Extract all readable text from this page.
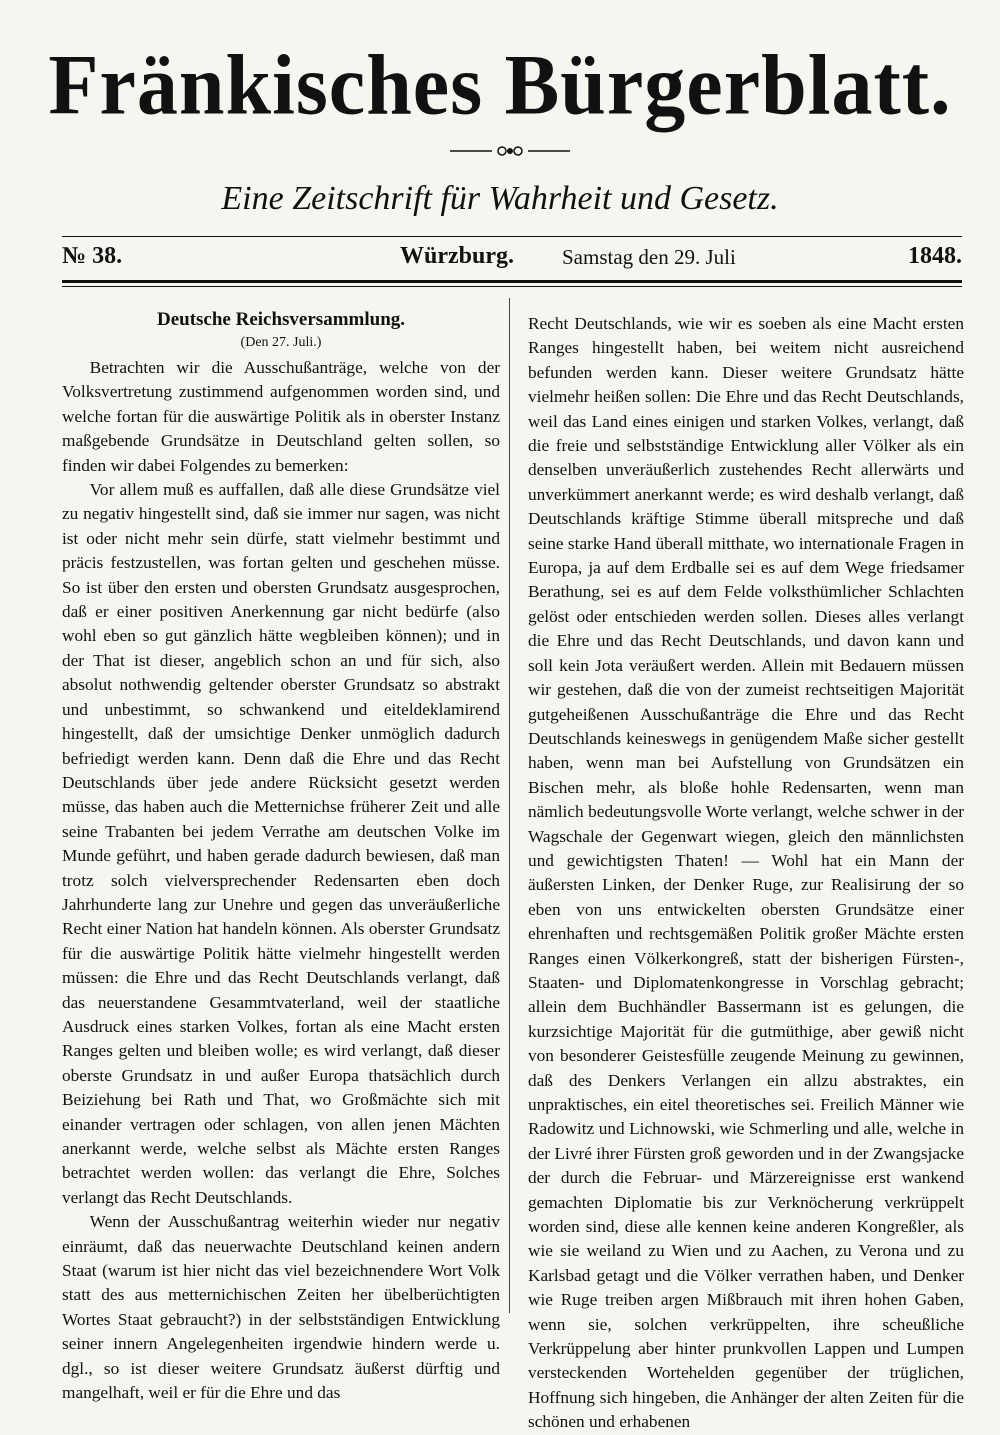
Fränkisches Bürgerblatt.
Eine Zeitschrift für Wahrheit und Gesetz.
№ 38.	Würzburg. Samstag den 29. Juli	1848.
Deutsche Reichsversammlung.
(Den 27. Juli.)

Betrachten wir die Ausschußanträge, welche von der Volksvertretung zustimmend aufgenommen worden sind, und welche fortan für die auswärtige Politik als in oberster Instanz maßgebende Grundsätze in Deutschland gelten sollen, so finden wir dabei Folgendes zu bemerken:

Vor allem muß es auffallen, daß alle diese Grundsätze viel zu negativ hingestellt sind, daß sie immer nur sagen, was nicht ist oder nicht mehr sein dürfe, statt vielmehr bestimmt und präcis festzustellen, was fortan gelten und geschehen müsse. So ist über den ersten und obersten Grundsatz ausgesprochen, daß er einer positiven Anerkennung gar nicht bedürfe (also wohl eben so gut gänzlich hätte wegbleiben können); und in der That ist dieser, angeblich schon an und für sich, also absolut nothwendig geltender oberster Grundsatz so abstrakt und unbestimmt, so schwankend und eiteldeklamirend hingestellt, daß der umsichtige Denker unmöglich dadurch befriedigt werden kann. Denn daß die Ehre und das Recht Deutschlands über jede andere Rücksicht gesetzt werden müsse, das haben auch die Metternichse früherer Zeit und alle seine Trabanten bei jedem Verrathe am deutschen Volke im Munde geführt, und haben gerade dadurch bewiesen, daß man trotz solch vielversprechender Redensarten eben doch Jahrhunderte lang zur Unehre und gegen das unveräußerliche Recht einer Nation hat handeln können. Als oberster Grundsatz für die auswärtige Politik hätte vielmehr hingestellt werden müssen: die Ehre und das Recht Deutschlands verlangt, daß das neuerstandene Gesammtvaterland, weil der staatliche Ausdruck eines starken Volkes, fortan als eine Macht ersten Ranges gelten und bleiben wolle; es wird verlangt, daß dieser oberste Grundsatz in und außer Europa thatsächlich durch Beiziehung bei Rath und That, wo Großmächte sich mit einander vertragen oder schlagen, von allen jenen Mächten anerkannt werde, welche selbst als Mächte ersten Ranges betrachtet werden wollen: das verlangt die Ehre, Solches verlangt das Recht Deutschlands.

Wenn der Ausschußantrag weiterhin wieder nur negativ einräumt, daß das neuerwachte Deutschland keinen andern Staat (warum ist hier nicht das viel bezeichnendere Wort Volk statt des aus metternichischen Zeiten her übelberüchtigten Wortes Staat gebraucht?) in der selbstständigen Entwicklung seiner innern Angelegenheiten irgendwie hindern werde u. dgl., so ist dieser weitere Grundsatz äußerst dürftig und mangelhaft, weil er für die Ehre und das

Recht Deutschlands, wie wir es soeben als eine Macht ersten Ranges hingestellt haben, bei weitem nicht ausreichend befunden werden kann. Dieser weitere Grundsatz hätte vielmehr heißen sollen: Die Ehre und das Recht Deutschlands, weil das Land eines einigen und starken Volkes, verlangt, daß die freie und selbstständige Entwicklung aller Völker als ein denselben unveräußerlich zustehendes Recht allerwärts und unverkümmert anerkannt werde; es wird deshalb verlangt, daß Deutschlands kräftige Stimme überall mitspreche und daß seine starke Hand überall mitthate, wo internationale Fragen in Europa, ja auf dem Erdballe sei es auf dem Wege friedsamer Berathung, sei es auf dem Felde volksthümlicher Schlachten gelöst oder entschieden werden sollen. Dieses alles verlangt die Ehre und das Recht Deutschlands, und davon kann und soll kein Jota veräußert werden. Allein mit Bedauern müssen wir gestehen, daß die von der zumeist rechtseitigen Majorität gutgeheißenen Ausschußanträge die Ehre und das Recht Deutschlands keineswegs in genügendem Maße sicher gestellt haben, wenn man bei Aufstellung von Grundsätzen ein Bischen mehr, als bloße hohle Redensarten, wenn man nämlich bedeutungsvolle Worte verlangt, welche schwer in der Wagschale der Gegenwart wiegen, gleich den männlichsten und gewichtigsten Thaten! — Wohl hat ein Mann der äußersten Linken, der Denker Ruge, zur Realisirung der so eben von uns entwickelten obersten Grundsätze einer ehrenhaften und rechtsgemäßen Politik großer Mächte ersten Ranges einen Völkerkongreß, statt der bisherigen Fürsten-, Staaten- und Diplomatenkongresse in Vorschlag gebracht; allein dem Buchhändler Bassermann ist es gelungen, die kurzsichtige Majorität für die gutmüthige, aber gewiß nicht von besonderer Geistesfülle zeugende Meinung zu gewinnen, daß des Denkers Verlangen ein allzu abstraktes, ein unpraktisches, ein eitel theoretisches sei. Freilich Männer wie Radowitz und Lichnowski, wie Schmerling und alle, welche in der Livré ihrer Fürsten groß geworden und in der Zwangsjacke der durch die Februar- und Märzereignisse erst wankend gemachten Diplomatie bis zur Verknöcherung verkrüppelt worden sind, diese alle kennen keine anderen Kongreßler, als wie sie weiland zu Wien und zu Aachen, zu Verona und zu Karlsbad getagt und die Völker verrathen haben, und Denker wie Ruge treiben argen Mißbrauch mit ihren hohen Gaben, wenn sie, solchen verkrüppelten, ihre scheußliche Verkrüppelung aber hinter prunkvollen Lappen und Lumpen versteckenden Wortehelden gegenüber der trüglichen, Hoffnung sich hingeben, die Anhänger der alten Zeiten für die schönen und erhabenen
